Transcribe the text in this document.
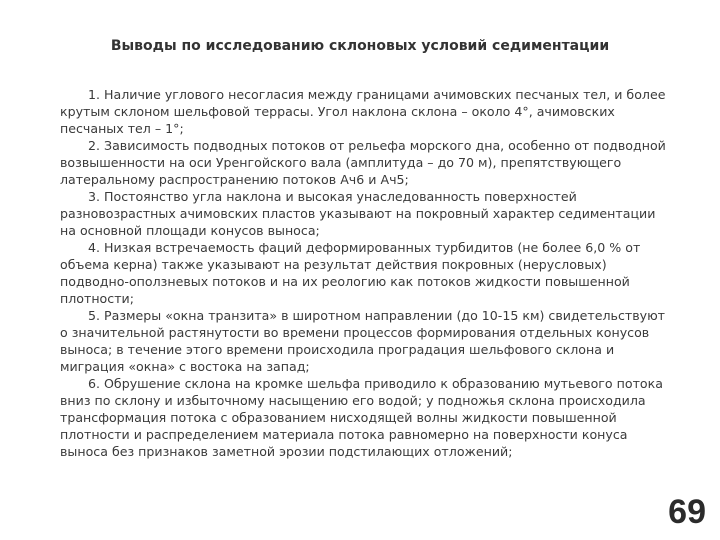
Выводы по исследованию склоновых условий седиментации

1. Наличие углового несогласия между границами ачимовских песчаных тел, и более крутым склоном шельфовой террасы. Угол наклона склона – около 4°, ачимовских песчаных тел – 1°;

2. Зависимость подводных потоков от рельефа морского дна, особенно от подводной возвышенности на оси Уренгойского вала (амплитуда – до 70 м), препятствующего латеральному распространению потоков Ач6 и Ач5;

3. Постоянство угла наклона и высокая унаследованность поверхностей разновозрастных ачимовских пластов указывают на покровный характер седиментации на основной площади конусов выноса;

4. Низкая встречаемость фаций деформированных турбидитов (не более 6,0 % от объема керна) также указывают на результат действия покровных (нерусловых) подводно-оползневых потоков и на их реологию как потоков жидкости повышенной плотности;

5. Размеры «окна транзита» в широтном направлении (до 10-15 км) свидетельствуют о значительной растянутости во времени процессов формирования отдельных конусов выноса; в течение этого времени происходила проградация шельфового склона и миграция «окна» с востока на запад;

6. Обрушение склона на кромке шельфа приводило к образованию мутьевого потока вниз по склону и избыточному насыщению его водой; у подножья склона происходила трансформация потока с образованием нисходящей волны жидкости повышенной плотности и распределением материала потока равномерно на поверхности конуса выноса без признаков заметной эрозии подстилающих отложений;

69
